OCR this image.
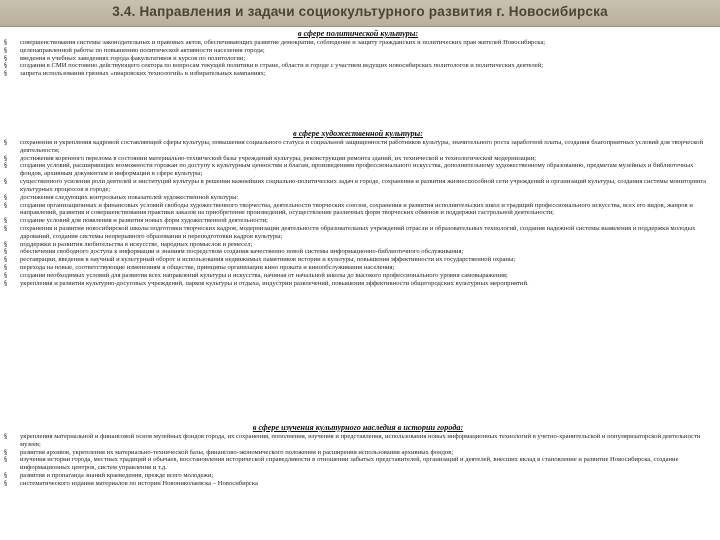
3.4. Направления и задачи социокультурного развития г. Новосибирска

в сфере политической культуры:

§ совершенствования системы законодательных и правовых актов, обеспечивающих развитие демократии, соблюдение и защиту гражданских и политических прав жителей Новосибирска;
§ целенаправленной работы по повышению политической активности населения города;
§ введения в учебных заведениях города факультативов и курсов по политологии;
§ создания в СМИ постоянно действующего сектора по вопросам текущей политики в стране, области и городе с участием ведущих новосибирских политологов и политических деятелей;
§ запрета использования грязных «пиаровских технологий» в избирательных кампаниях;

в сфере художественной культуры:

§ сохранения и укрепления кадровой составляющей сферы культуры, повышения социального статуса и социальной защищенности работников культуры, значительного роста заработной платы, создания благоприятных условий для творческой деятельности;
§ достижения коренного перелома в состоянии материально-технической базы учреждений культуры, реконструкции ремонта зданий, их технической и технологической модернизации;
§ создания условий, расширяющих возможности горожан по доступу к культурным ценностям и благам, произведениям профессионального искусства, дополнительному художественному образованию, предметам музейных и библиотечных фондов, архивным документам и информации в сфере культуры;
§ существенного усиления роли деятелей и институций культуры в решении важнейших социально-политических задач в городе, сохранения и развития жизнеспособной сети учреждений и организаций культуры, создания системы мониторинга культурных процессов в городе;
§ достижения следующих контрольных показателей художественной культуры:
§ создания организационных и финансовых условий свободы художественного творчества, деятельности творческих союзов, сохранения и развития исполнительских школ и традиций профессионального искусства, всех его видов, жанров и направлений, развития и совершенствования практики заказов на приобретение произведений, осуществление различных форм творческих обменов и поддержки гастрольной деятельности;
§ создание условий для появления и развития новых форм художественной деятельности;
§ сохранения и развития новосибирской школы подготовки творческих кадров, модернизации деятельности образовательных учреждений отрасли и образовательных технологий, создания надежной системы выявления и поддержки молодых дарований, создания системы непрерывного образования и переподготовки кадров культуры;
§ поддержки и развития любительства в искусстве, народных промыслов и ремесел;
§ обеспечения свободного доступа к информации и знаниям посредством создания качественно новой системы информационно-библиотечного обслуживания;
§ реставрации, введения в научный и культурный оборот и использования недвижимых памятников истории и культуры, повышения эффективности их государственной охраны;
§ перехода на новые, соответствующие изменениям в обществе, принципы организации кино проката и кинообслуживания населения;
§ создания необходимых условий для развития всех направлений культуры и искусства, начиная от начальной школы до высокого профессионального уровня самовыражения;
§ укрепления и развития культурно-досуговых учреждений, парков культуры и отдыха, индустрии развлечений, повышения эффективности общегородских культурных мероприятий.

в сфере изучения культурного наследия в истории города:

§ укрепления материальной и финансовой основ музейных фондов города, их сохранения, пополнения, изучения и представления, использования новых информационных технологий в учетно-хранительской и популяризаторской деятельности музеев;
§ развития архивов, укрепления их материально-технической базы, финансово-экономического положения и расширения использования архивных фондов;
§ изучения истории города, местных традиций и обычаев, восстановления исторической справедливости в отношении забытых представителей, организаций и деятелей, внесших вклад в становление и развитие Новосибирска, создание информационных центров, систем управления и т.д.
§ развития и пропаганда знаний краеведения, прежде всего молодежи;
§ систематического издания материалов по истории Новониколаевска – Новосибирска
